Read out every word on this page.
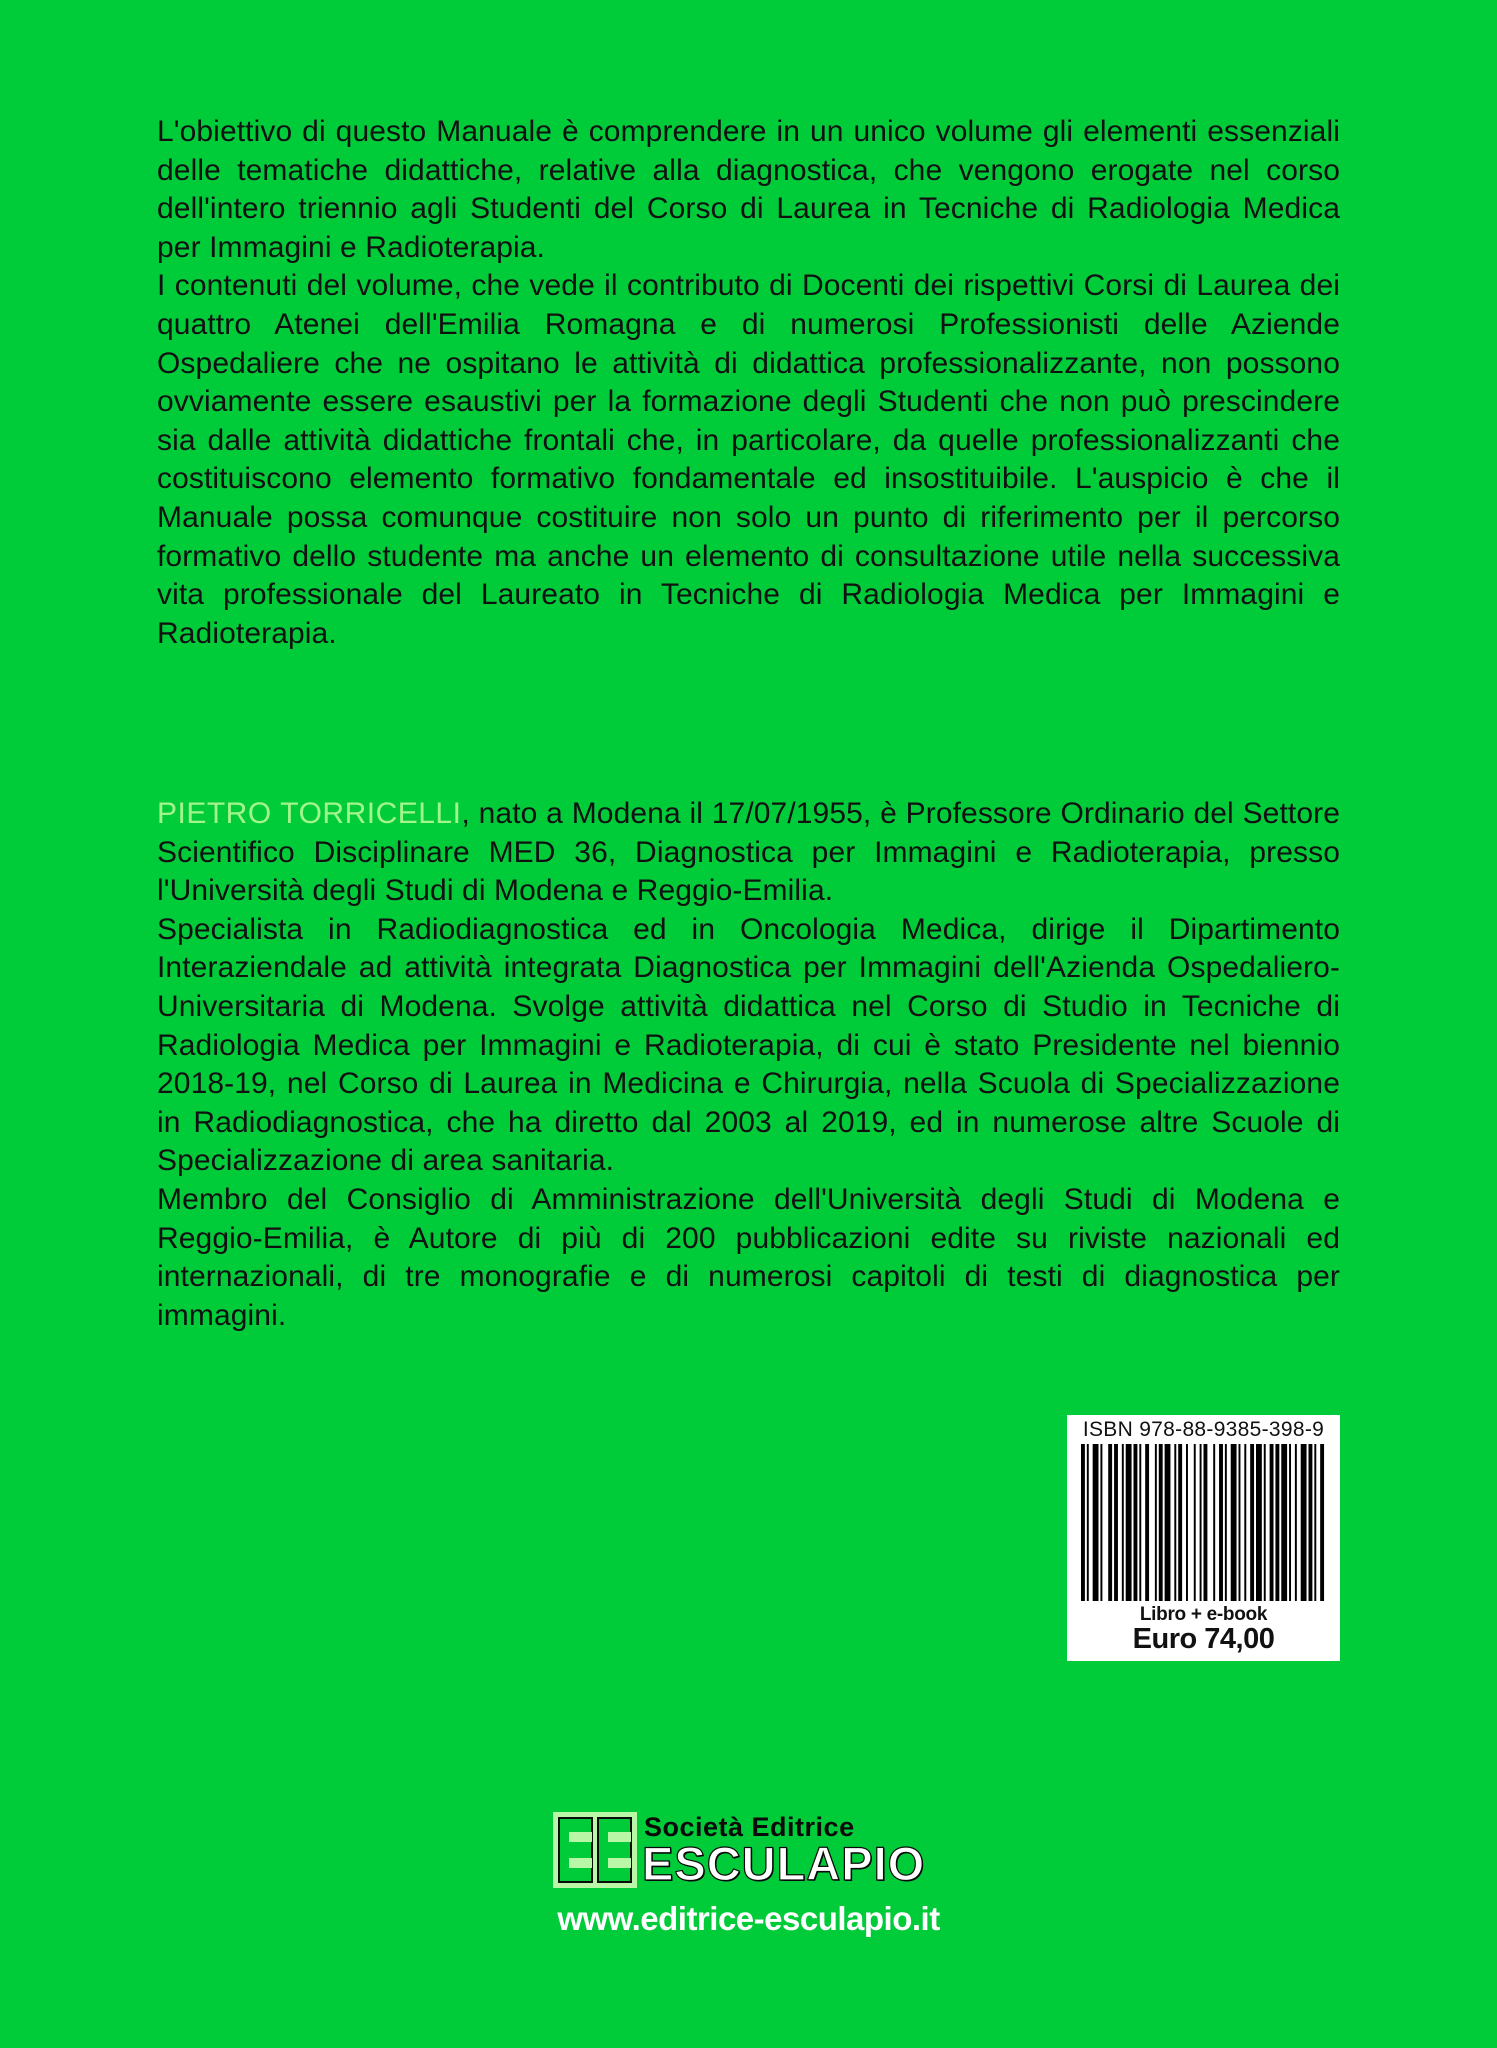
L'obiettivo di questo Manuale è comprendere in un unico volume gli elementi essenziali delle tematiche didattiche, relative alla diagnostica, che vengono erogate nel corso dell'intero triennio agli Studenti del Corso di Laurea in Tecniche di Radiologia Medica per Immagini e Radioterapia.

I contenuti del volume, che vede il contributo di Docenti dei rispettivi Corsi di Laurea dei quattro Atenei dell'Emilia Romagna e di numerosi Professionisti delle Aziende Ospedaliere che ne ospitano le attività di didattica professionalizzante, non possono ovviamente essere esaustivi per la formazione degli Studenti che non può prescindere sia dalle attività didattiche frontali che, in particolare, da quelle professionalizzanti che costituiscono elemento formativo fondamentale ed insostituibile. L'auspicio è che il Manuale possa comunque costituire non solo un punto di riferimento per il percorso formativo dello studente ma anche un elemento di consultazione utile nella successiva vita professionale del Laureato in Tecniche di Radiologia Medica per Immagini e Radioterapia.

PIETRO TORRICELLI, nato a Modena il 17/07/1955, è Professore Ordinario del Settore Scientifico Disciplinare MED 36, Diagnostica per Immagini e Radioterapia, presso l'Università degli Studi di Modena e Reggio-Emilia.

Specialista in Radiodiagnostica ed in Oncologia Medica, dirige il Dipartimento Interaziendale ad attività integrata Diagnostica per Immagini dell'Azienda Ospedaliero-Universitaria di Modena. Svolge attività didattica nel Corso di Studio in Tecniche di Radiologia Medica per Immagini e Radioterapia, di cui è stato Presidente nel biennio 2018-19, nel Corso di Laurea in Medicina e Chirurgia, nella Scuola di Specializzazione in Radiodiagnostica, che ha diretto dal 2003 al 2019, ed in numerose altre Scuole di Specializzazione di area sanitaria.

Membro del Consiglio di Amministrazione dell'Università degli Studi di Modena e Reggio-Emilia, è Autore di più di 200 pubblicazioni edite su riviste nazionali ed internazionali, di tre monografie e di numerosi capitoli di testi di diagnostica per immagini.

ISBN 978-88-9385-398-9
Libro + e-book
Euro 74,00
Società Editrice
ESCULAPIO
www.editrice-esculapio.it
